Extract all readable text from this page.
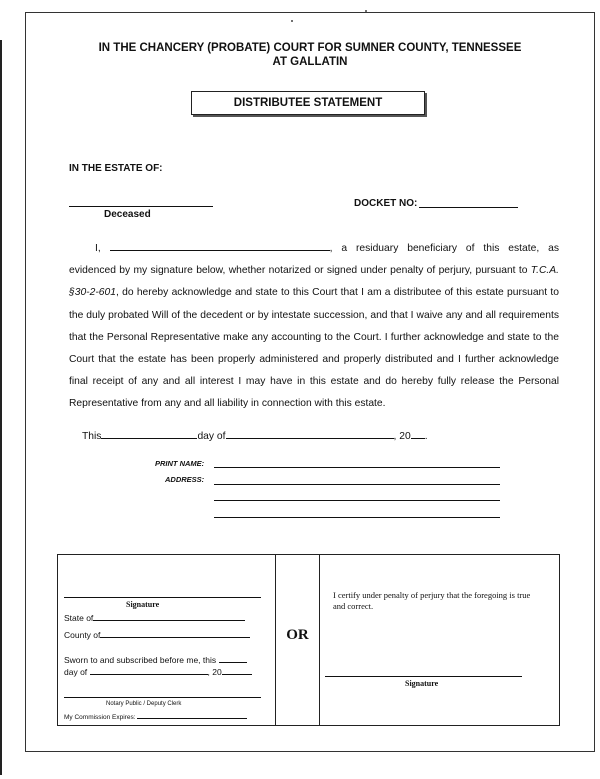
IN THE CHANCERY (PROBATE) COURT FOR SUMNER COUNTY, TENNESSEE
AT GALLATIN
DISTRIBUTEE STATEMENT
IN THE ESTATE OF:
Deceased
DOCKET NO:
I,	, a residuary beneficiary of this estate, as evidenced by my signature below, whether notarized or signed under penalty of perjury, pursuant to T.C.A. §30-2-601, do hereby acknowledge and state to this Court that I am a distributee of this estate pursuant to the duly probated Will of the decedent or by intestate succession, and that I waive any and all requirements that the Personal Representative make any accounting to the Court. I further acknowledge and state to the Court that the estate has been properly administered and properly distributed and I further acknowledge final receipt of any and all interest I may have in this estate and do hereby fully release the Personal Representative from any and all liability in connection with this estate.
This	day of	, 20 .
PRINT NAME:
ADDRESS:
OR
Signature
State of
County of
Sworn to and subscribed before me, this
day of	, 20
Notary Public / Deputy Clerk
My Commission Expires:
I certify under penalty of perjury that the foregoing is true and correct.
Signature
